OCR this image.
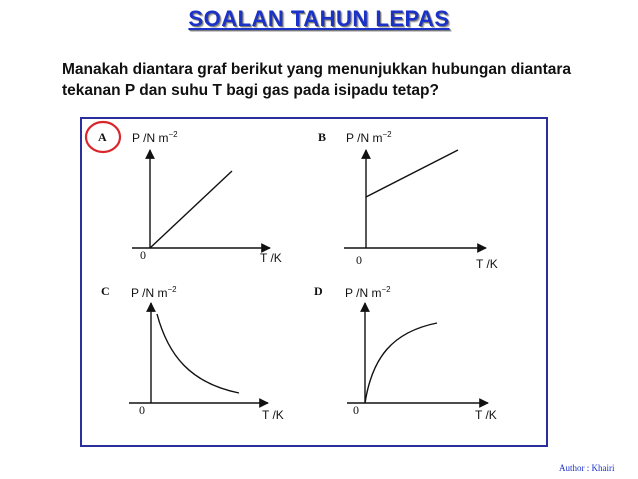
SOALAN TAHUN LEPAS
Manakah diantara graf berikut yang menunjukkan hubungan diantara tekanan P dan suhu T bagi gas pada isipadu tetap?
A P /N $m^{-2}$
0	T /K
B P /N $m^{-2}$
0	T /K
C P /N $m^{-2}$
0	T /K
D P /N $m^{-2}$
0	T /K
Author : Khairi
